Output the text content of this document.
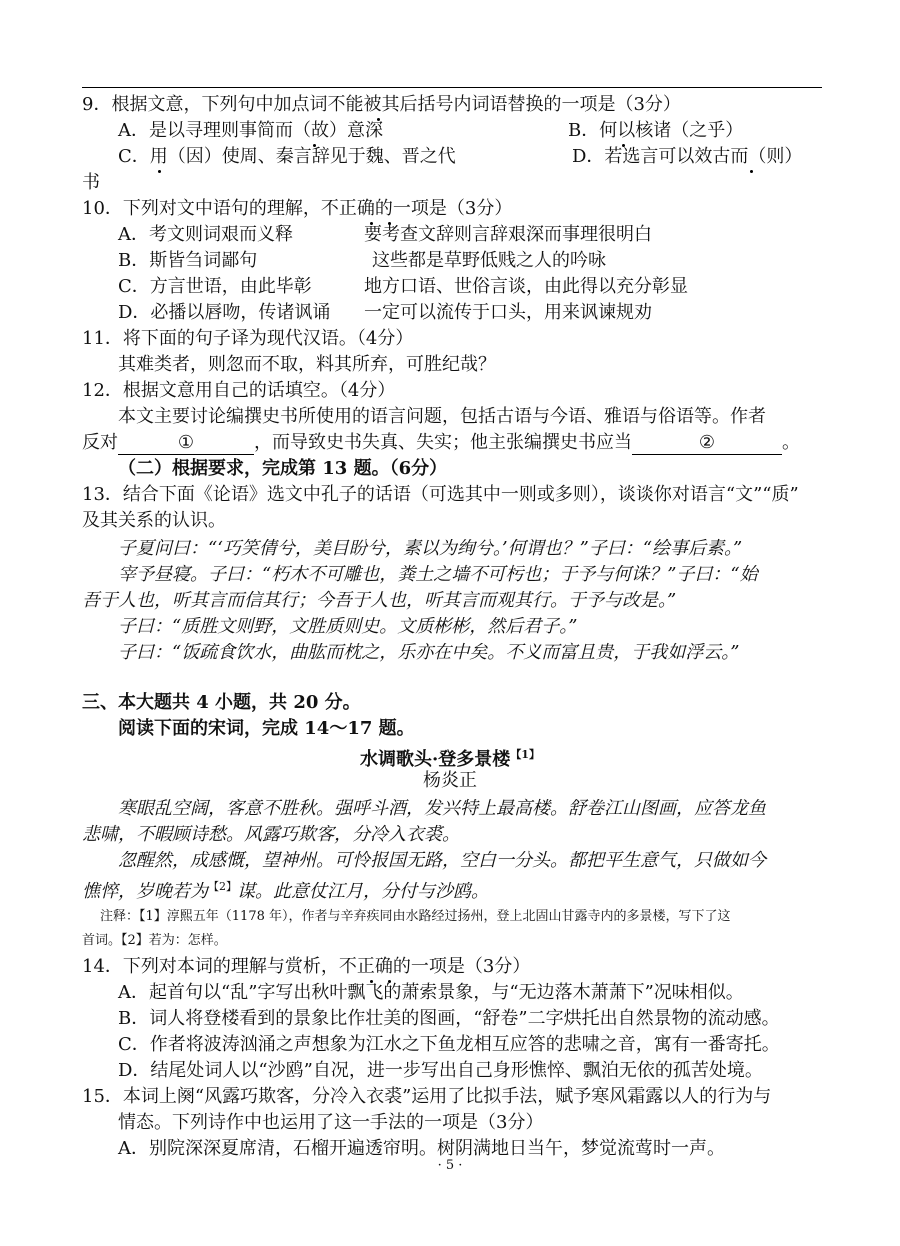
9．根据文意，下列句中加点词不能被其后括号内词语替换的一项是（3分）
A．是以寻理则事简而（故）意深	B．何以核诸（之乎）
C．用（因）使周、秦言辞见于魏、晋之代	D．若选言可以效古而（则）
书
10．下列对文中语句的理解，不正确的一项是（3分）
A．考文则词艰而义释	要考查文辞则言辞艰深而事理很明白
B．斯皆刍词鄙句	这些都是草野低贱之人的吟咏
C．方言世语，由此毕彰	地方口语、世俗言谈，由此得以充分彰显
D．必播以唇吻，传诸讽诵 一定可以流传于口头，用来讽谏规劝
11．将下面的句子译为现代汉语。（4分）
其难类者，则忽而不取，料其所弃，可胜纪哉？
12．根据文意用自己的话填空。（4分）
本文主要讨论编撰史书所使用的语言问题，包括古语与今语、雅语与俗语等。作者
反对	①	，而导致史书失真、失实；他主张编撰史书应当	②	。
（二）根据要求，完成第 13 题。（6分）
13．结合下面《论语》选文中孔子的话语（可选其中一则或多则），谈谈你对语言“文”“质”
及其关系的认识。
子夏问曰：“‘巧笑倩兮，美目盼兮，素以为绚兮。’何谓也？”子曰：“绘事后素。”
宰予昼寝。子曰：“朽木不可雕也，粪土之墙不可杇也；于予与何诛？”子曰：“始
吾于人也，听其言而信其行；今吾于人也，听其言而观其行。于予与改是。”
子曰：“质胜文则野，文胜质则史。文质彬彬，然后君子。”
子曰：“饭疏食饮水，曲肱而枕之，乐亦在中矣。不义而富且贵，于我如浮云。”
三、本大题共 4 小题，共 20 分。
阅读下面的宋词，完成 14～17 题。
水调歌头·登多景楼$^{【1】}$
杨炎正
寒眼乱空阔，客意不胜秋。强呼斗酒，发兴特上最高楼。舒卷江山图画，应答龙鱼
悲啸，不暇顾诗愁。风露巧欺客，分冷入衣裘。
忽醒然，成感慨，望神州。可怜报国无路，空白一分头。都把平生意气，只做如今
憔悴，岁晚若为$^{【2】}$谋。此意仗江月，分付与沙鸥。
注释：【1】淳熙五年（1178 年），作者与辛弃疾同由水路经过扬州，登上北固山甘露寺内的多景楼，写下了这
首词。【2】若为：怎样。
14．下列对本词的理解与赏析，不正确的一项是（3分）
A．起首句以“乱”字写出秋叶飘飞的萧索景象，与“无边落木萧萧下”况味相似。
B．词人将登楼看到的景象比作壮美的图画，“舒卷”二字烘托出自然景物的流动感。
C．作者将波涛汹涌之声想象为江水之下鱼龙相互应答的悲啸之音，寓有一番寄托。
D．结尾处词人以“沙鸥”自况，进一步写出自己身形憔悴、飘泊无依的孤苦处境。
15．本词上阕“风露巧欺客，分冷入衣裘”运用了比拟手法，赋予寒风霜露以人的行为与
情态。下列诗作中也运用了这一手法的一项是（3分）
A．别院深深夏席清，石榴开遍透帘明。树阴满地日当午，梦觉流莺时一声。
· 5 ·
